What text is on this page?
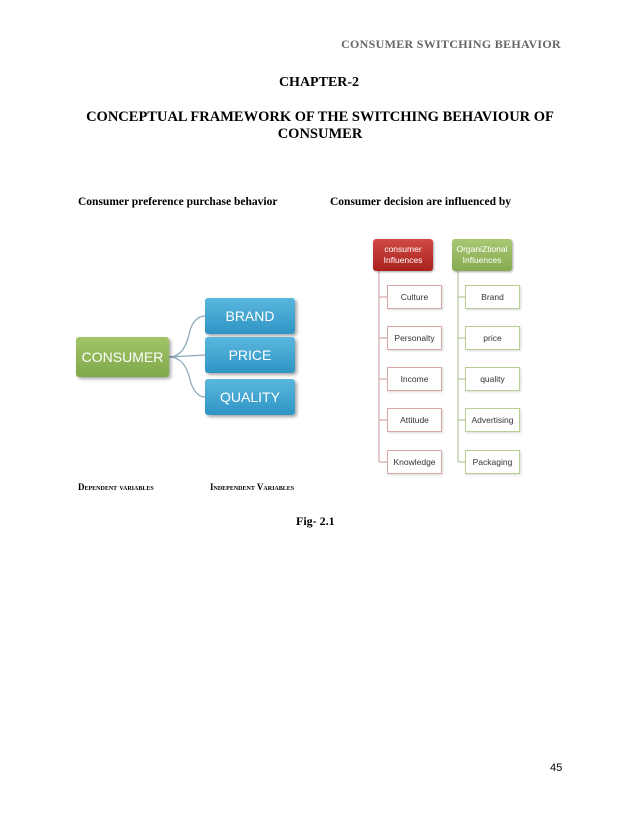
CONSUMER SWITCHING BEHAVIOR
CHAPTER-2
CONCEPTUAL FRAMEWORK OF THE SWITCHING BEHAVIOUR OF CONSUMER
Consumer preference purchase behavior	Consumer decision are influenced by
CONSUMER
BRAND
PRICE
QUALITY
consumer Influences
Culture
Personalty
Income
Attitude
Knowledge
OrganiZtional Influences
Brand
price
quality
Advertising
Packaging
Dependent variables	Independent Variables
Fig- 2.1
45
